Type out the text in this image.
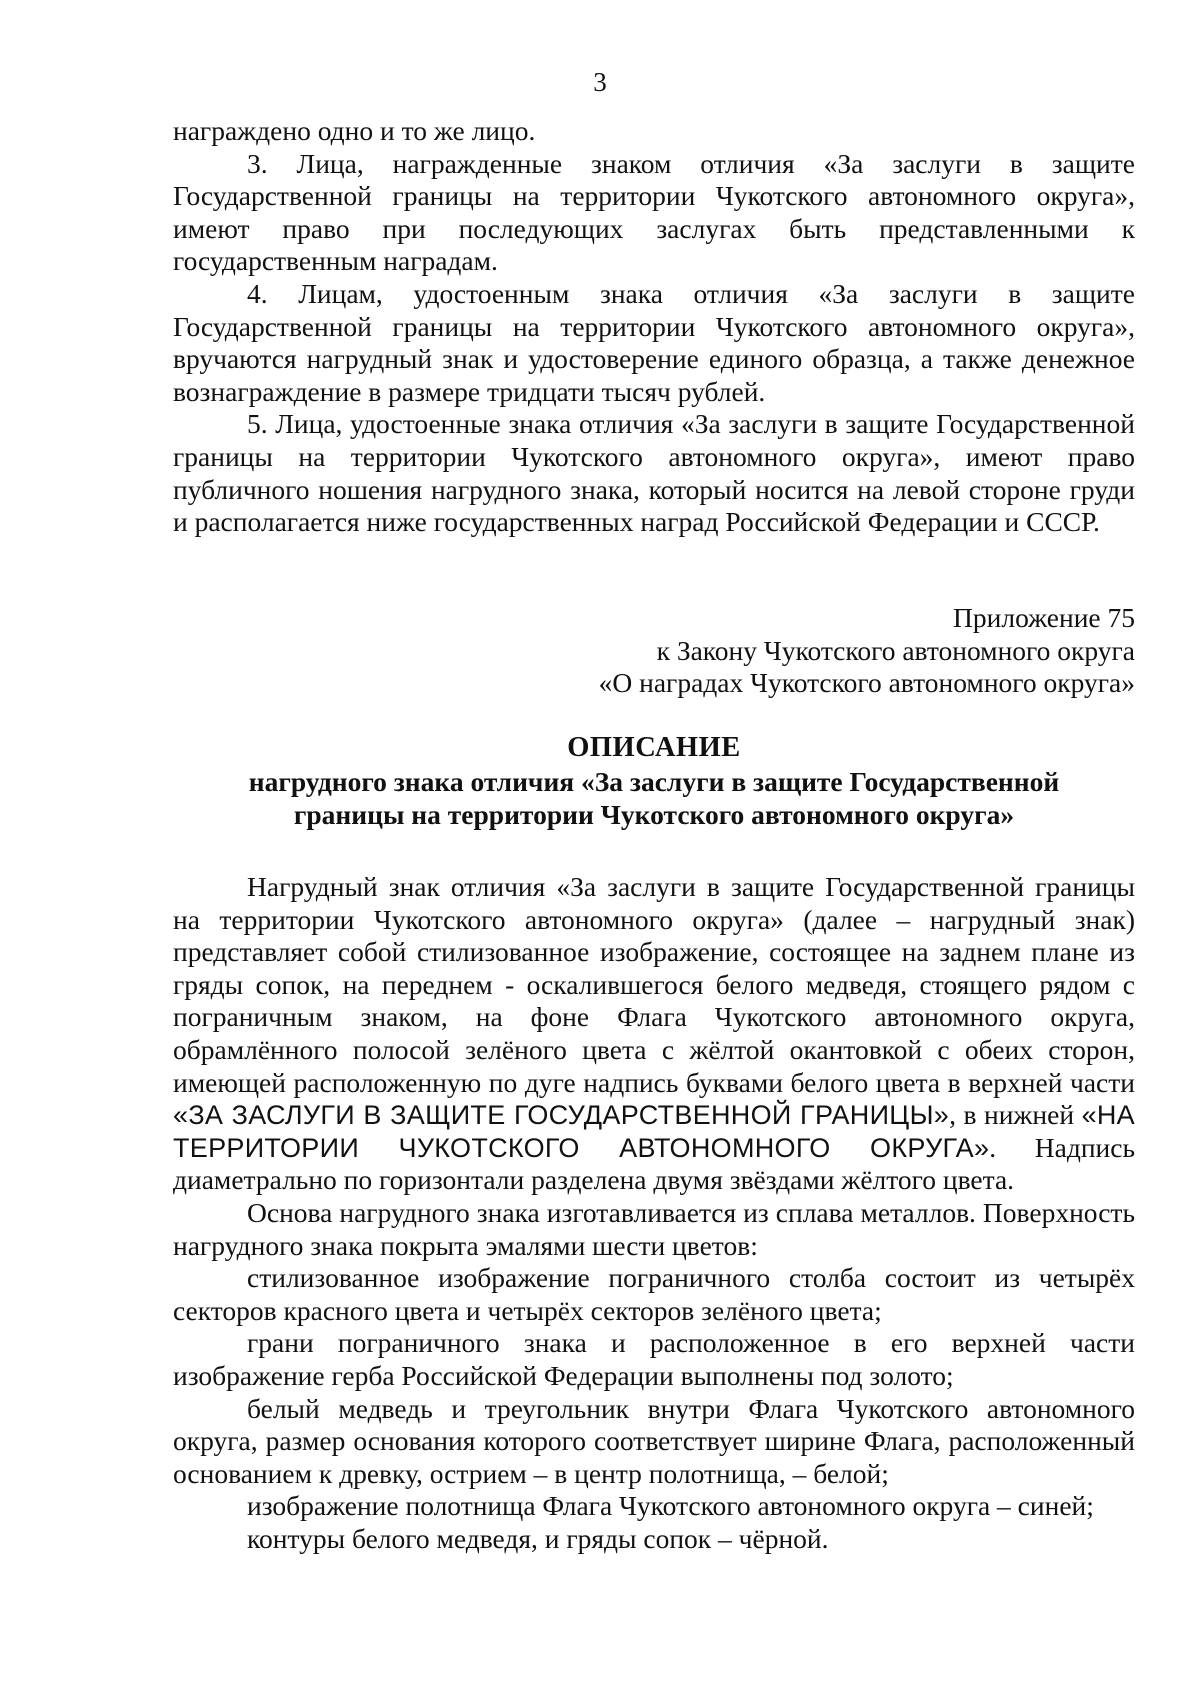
3

награждено одно и то же лицо.

3. Лица, награжденные знаком отличия «За заслуги в защите Государственной границы на территории Чукотского автономного округа», имеют право при последующих заслугах быть представленными к государственным наградам.

4. Лицам, удостоенным знака отличия «За заслуги в защите Государственной границы на территории Чукотского автономного округа», вручаются нагрудный знак и удостоверение единого образца, а также денежное вознаграждение в размере тридцати тысяч рублей.

5. Лица, удостоенные знака отличия «За заслуги в защите Государственной границы на территории Чукотского автономного округа», имеют право публичного ношения нагрудного знака, который носится на левой стороне груди и располагается ниже государственных наград Российской Федерации и СССР.

Приложение 75
к Закону Чукотского автономного округа
«О наградах Чукотского автономного округа»
ОПИСАНИЕ
нагрудного знака отличия «За заслуги в защите Государственной
границы на территории Чукотского автономного округа»

Нагрудный знак отличия «За заслуги в защите Государственной границы на территории Чукотского автономного округа» (далее – нагрудный знак) представляет собой стилизованное изображение, состоящее на заднем плане из гряды сопок, на переднем - оскалившегося белого медведя, стоящего рядом с пограничным знаком, на фоне Флага Чукотского автономного округа, обрамлённого полосой зелёного цвета с жёлтой окантовкой с обеих сторон, имеющей расположенную по дуге надпись буквами белого цвета в верхней части «ЗА ЗАСЛУГИ В ЗАЩИТЕ ГОСУДАРСТВЕННОЙ ГРАНИЦЫ», в нижней «НА ТЕРРИТОРИИ ЧУКОТСКОГО АВТОНОМНОГО ОКРУГА». Надпись диаметрально по горизонтали разделена двумя звёздами жёлтого цвета.

Основа нагрудного знака изготавливается из сплава металлов. Поверхность нагрудного знака покрыта эмалями шести цветов:

стилизованное изображение пограничного столба состоит из четырёх секторов красного цвета и четырёх секторов зелёного цвета;

грани пограничного знака и расположенное в его верхней части изображение герба Российской Федерации выполнены под золото;

белый медведь и треугольник внутри Флага Чукотского автономного округа, размер основания которого соответствует ширине Флага, расположенный основанием к древку, острием – в центр полотнища, – белой;

изображение полотнища Флага Чукотского автономного округа – синей;

контуры белого медведя, и гряды сопок – чёрной.
